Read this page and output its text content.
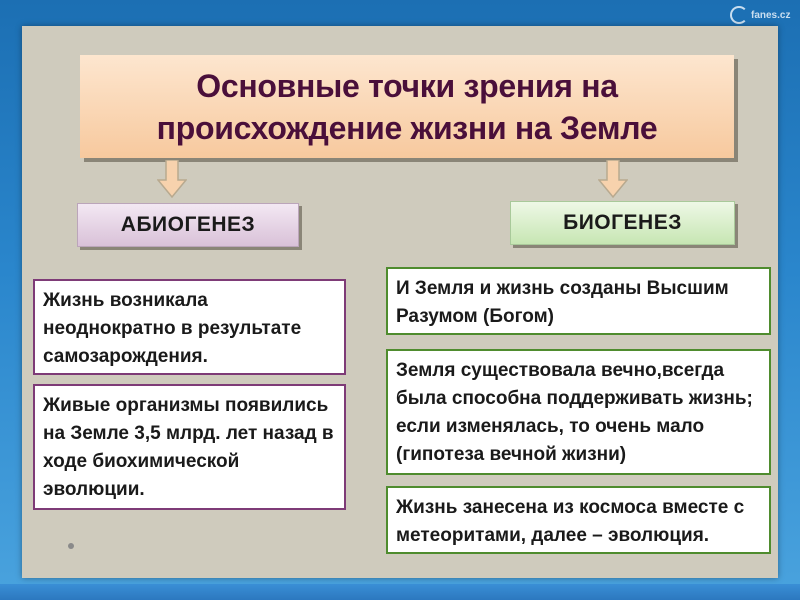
fanes.cz
Основные точки зрения на
происхождение жизни на Земле
АБИОГЕНЕЗ	БИОГЕНЕЗ
Жизнь возникала неоднократно в результате самозарождения.
Живые организмы появились на Земле 3,5 млрд. лет назад в ходе биохимической эволюции.
И Земля и жизнь созданы Высшим Разумом (Богом)
Земля существовала вечно,всегда была способна поддерживать жизнь; если изменялась, то очень мало (гипотеза вечной жизни)
Жизнь занесена из космоса вместе с метеоритами, далее – эволюция.
